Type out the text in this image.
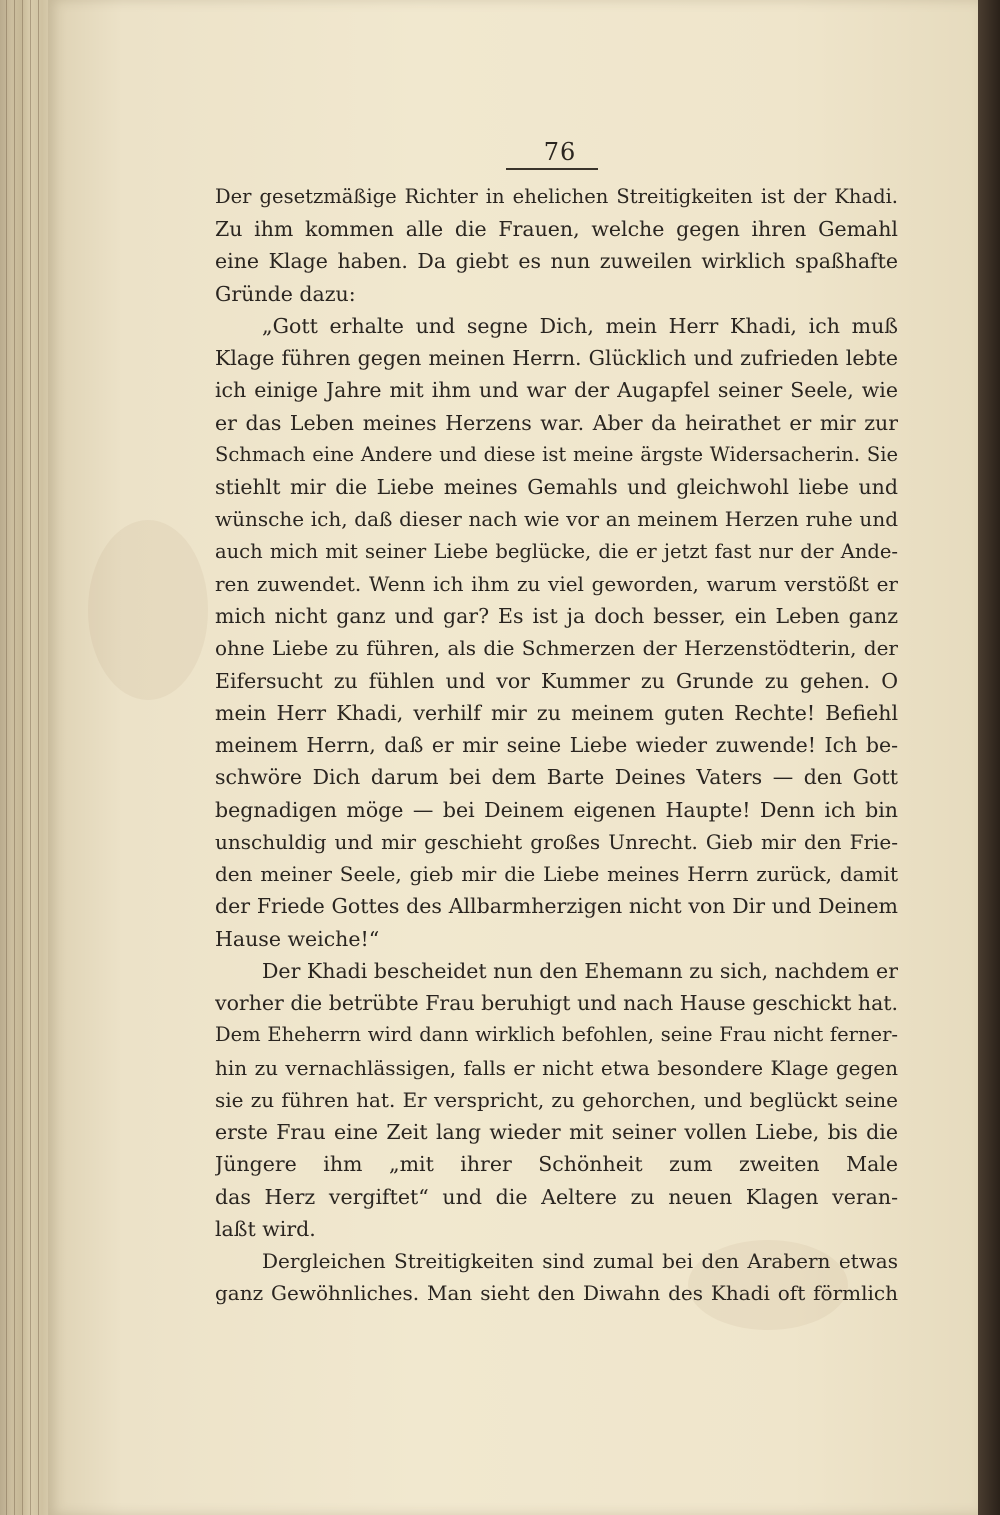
76
Der gesetzmäßige Richter in ehelichen Streitigkeiten ist der Khadi.
Zu ihm kommen alle die Frauen, welche gegen ihren Gemahl
eine Klage haben. Da giebt es nun zuweilen wirklich spaßhafte
Gründe dazu:
„Gott erhalte und segne Dich, mein Herr Khadi, ich muß
Klage führen gegen meinen Herrn. Glücklich und zufrieden lebte
ich einige Jahre mit ihm und war der Augapfel seiner Seele, wie
er das Leben meines Herzens war. Aber da heirathet er mir zur
Schmach eine Andere und diese ist meine ärgste Widersacherin. Sie
stiehlt mir die Liebe meines Gemahls und gleichwohl liebe und
wünsche ich, daß dieser nach wie vor an meinem Herzen ruhe und
auch mich mit seiner Liebe beglücke, die er jetzt fast nur der Ande-
ren zuwendet. Wenn ich ihm zu viel geworden, warum verstößt er
mich nicht ganz und gar? Es ist ja doch besser, ein Leben ganz
ohne Liebe zu führen, als die Schmerzen der Herzenstödterin, der
Eifersucht zu fühlen und vor Kummer zu Grunde zu gehen. O
mein Herr Khadi, verhilf mir zu meinem guten Rechte! Befiehl
meinem Herrn, daß er mir seine Liebe wieder zuwende! Ich be-
schwöre Dich darum bei dem Barte Deines Vaters — den Gott
begnadigen möge — bei Deinem eigenen Haupte! Denn ich bin
unschuldig und mir geschieht großes Unrecht. Gieb mir den Frie-
den meiner Seele, gieb mir die Liebe meines Herrn zurück, damit
der Friede Gottes des Allbarmherzigen nicht von Dir und Deinem
Hause weiche!“
Der Khadi bescheidet nun den Ehemann zu sich, nachdem er
vorher die betrübte Frau beruhigt und nach Hause geschickt hat.
Dem Eheherrn wird dann wirklich befohlen, seine Frau nicht ferner-
hin zu vernachlässigen, falls er nicht etwa besondere Klage gegen
sie zu führen hat. Er verspricht, zu gehorchen, und beglückt seine
erste Frau eine Zeit lang wieder mit seiner vollen Liebe, bis die
Jüngere ihm „mit ihrer Schönheit zum zweiten Male
das Herz vergiftet“ und die Aeltere zu neuen Klagen veran-
laßt wird.
Dergleichen Streitigkeiten sind zumal bei den Arabern etwas
ganz Gewöhnliches. Man sieht den Diwahn des Khadi oft förmlich
